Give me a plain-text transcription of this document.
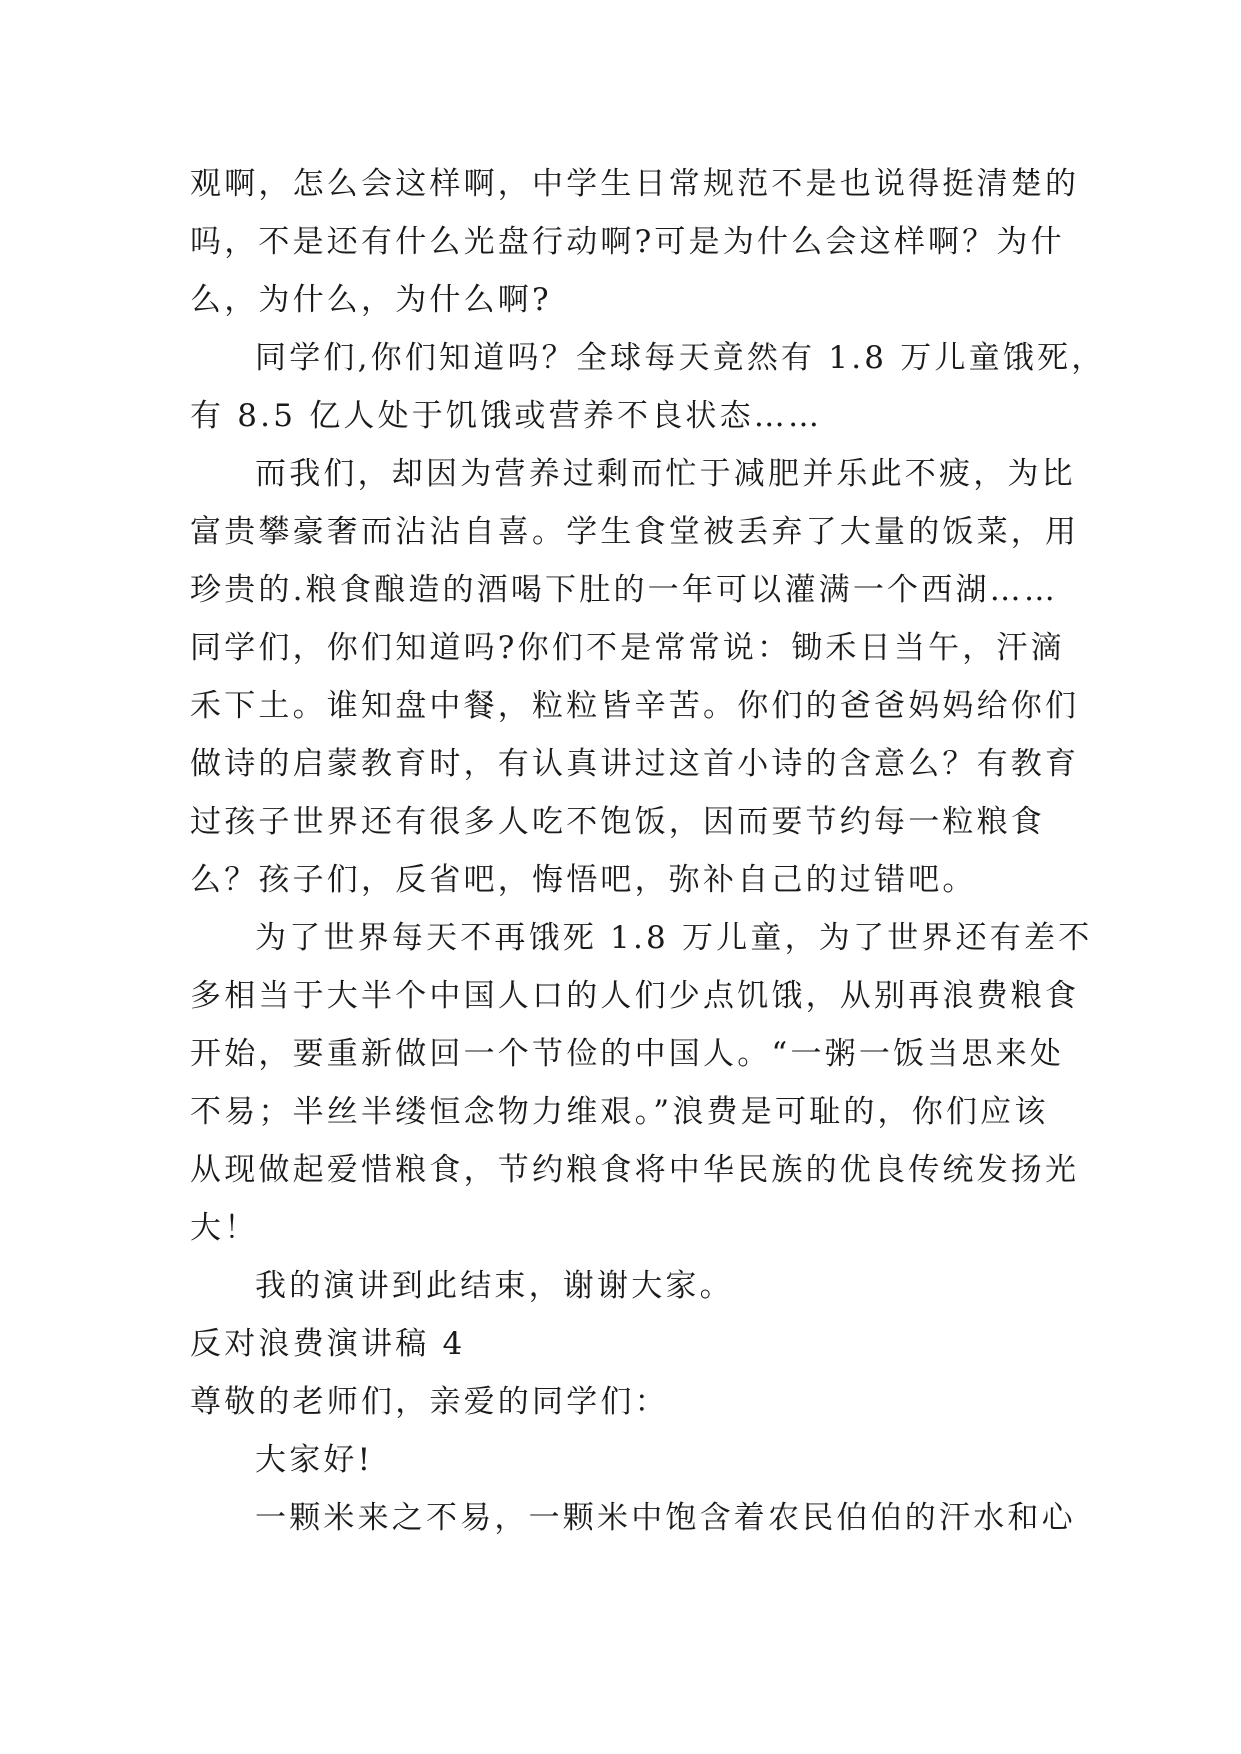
观啊，怎么会这样啊，中学生日常规范不是也说得挺清楚的
吗，不是还有什么光盘行动啊?可是为什么会这样啊？为什
么，为什么，为什么啊?
同学们,你们知道吗？全球每天竟然有 1.8 万儿童饿死，
有 8.5 亿人处于饥饿或营养不良状态……
而我们，却因为营养过剩而忙于减肥并乐此不疲，为比
富贵攀豪奢而沾沾自喜。学生食堂被丢弃了大量的饭菜，用
珍贵的.粮食酿造的酒喝下肚的一年可以灌满一个西湖……
同学们，你们知道吗?你们不是常常说：锄禾日当午，汗滴
禾下土。谁知盘中餐，粒粒皆辛苦。你们的爸爸妈妈给你们
做诗的启蒙教育时，有认真讲过这首小诗的含意么？有教育
过孩子世界还有很多人吃不饱饭，因而要节约每一粒粮食
么？孩子们，反省吧，悔悟吧，弥补自己的过错吧。
为了世界每天不再饿死 1.8 万儿童，为了世界还有差不
多相当于大半个中国人口的人们少点饥饿，从别再浪费粮食
开始，要重新做回一个节俭的中国人。“一粥一饭当思来处
不易；半丝半缕恒念物力维艰。”浪费是可耻的，你们应该
从现做起爱惜粮食，节约粮食将中华民族的优良传统发扬光
大！
我的演讲到此结束，谢谢大家。
反对浪费演讲稿 4
尊敬的老师们，亲爱的同学们：
大家好!
一颗米来之不易，一颗米中饱含着农民伯伯的汗水和心
